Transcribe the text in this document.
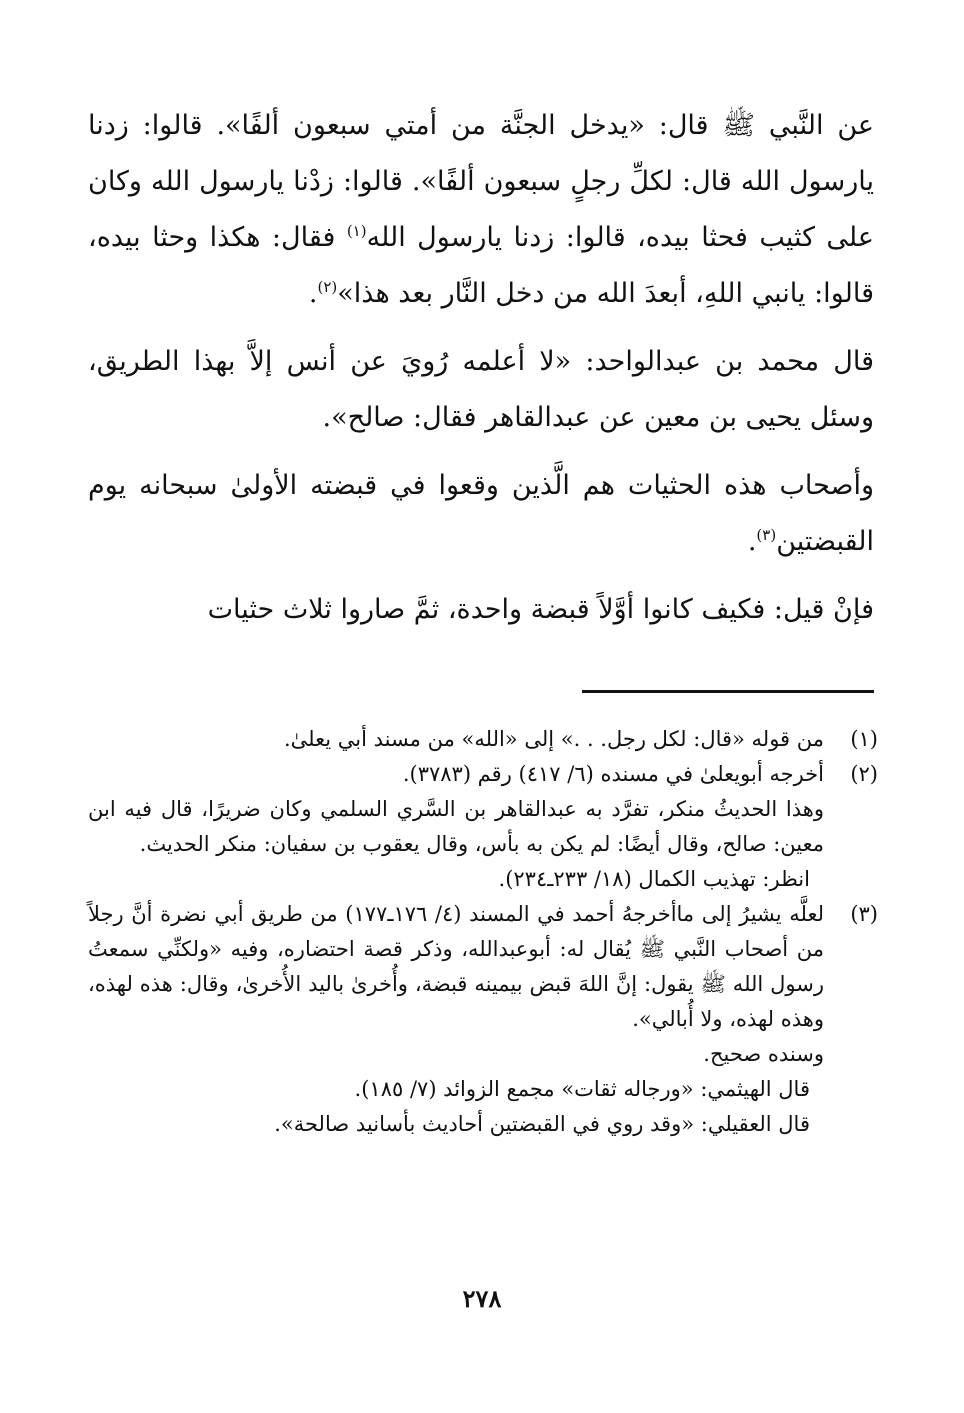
عن النَّبي ﷺ قال: «يدخل الجنَّة من أمتي سبعون ألفًا». قالوا: زدنا يارسول الله قال: لكلِّ رجلٍ سبعون ألفًا». قالوا: زدْنا يارسول الله وكان على كثيب فحثا بيده، قالوا: زدنا يارسول الله$^{(١)}$ فقال: هكذا وحثا بيده، قالوا: يانبي اللهِ، أبعدَ الله من دخل النَّار بعد هذا»$^{(٢)}$.

قال محمد بن عبدالواحد: «لا أعلمه رُويَ عن أنس إلاَّ بهذا الطريق، وسئل يحيى بن معين عن عبدالقاهر فقال: صالح».

وأصحاب هذه الحثيات هم الَّذين وقعوا في قبضته الأولىٰ سبحانه يوم القبضتين$^{(٣)}$.

فإنْ قيل: فكيف كانوا أوَّلاً قبضة واحدة، ثمَّ صاروا ثلاث حثيات

(١)
من قوله «قال: لكل رجل. . .» إلى «الله» من مسند أبي يعلىٰ.
(٢)
أخرجه أبويعلىٰ في مسنده (٦/ ٤١٧) رقم (٣٧٨٣).
وهذا الحديثُ منكر، تفرَّد به عبدالقاهر بن السَّري السلمي وكان ضريرًا، قال فيه ابن معين: صالح، وقال أيضًا: لم يكن به بأس، وقال يعقوب بن سفيان: منكر الحديث.
انظر: تهذيب الكمال (١٨/ ٢٣٣ـ٢٣٤).
(٣)
لعلَّه يشيرُ إلى ماأخرجهُ أحمد في المسند (٤/ ١٧٦ـ١٧٧) من طريق أبي نضرة أنَّ رجلاً من أصحاب النَّبي ﷺ يُقال له: أبوعبدالله، وذكر قصة احتضاره، وفيه «ولكنِّي سمعتُ رسول الله ﷺ يقول: إنَّ اللهَ قبض بيمينه قبضة، وأُخرىٰ باليد الأُخرىٰ، وقال: هذه لهذه، وهذه لهذه، ولا أُبالي».
وسنده صحيح.
قال الهيثمي: «ورجاله ثقات» مجمع الزوائد (٧/ ١٨٥).
قال العقيلي: «وقد روي في القبضتين أحاديث بأسانيد صالحة».
٢٧٨
